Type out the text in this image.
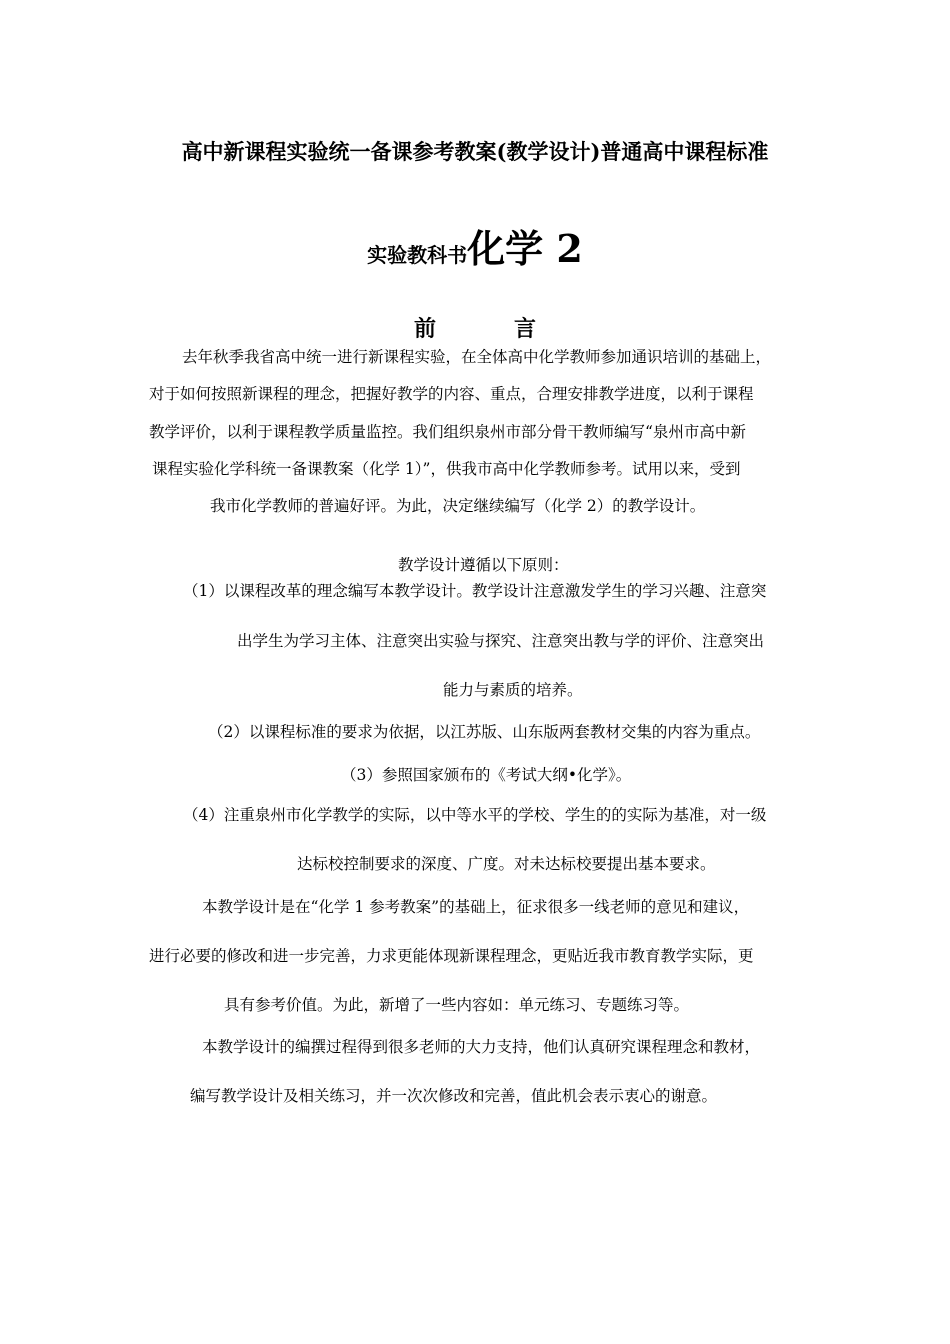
高中新课程实验统一备课参考教案(教学设计)普通高中课程标准
实验教科书化学 2
前　言
去年秋季我省高中统一进行新课程实验，在全体高中化学教师参加通识培训的基础上，
对于如何按照新课程的理念，把握好教学的内容、重点，合理安排教学进度，以利于课程
教学评价，以利于课程教学质量监控。我们组织泉州市部分骨干教师编写“泉州市高中新
课程实验化学科统一备课教案（化学 1）”，供我市高中化学教师参考。试用以来，受到
我市化学教师的普遍好评。为此，决定继续编写（化学 2）的教学设计。
教学设计遵循以下原则：
（1）以课程改革的理念编写本教学设计。教学设计注意激发学生的学习兴趣、注意突
出学生为学习主体、注意突出实验与探究、注意突出教与学的评价、注意突出
能力与素质的培养。
（2）以课程标准的要求为依据，以江苏版、山东版两套教材交集的内容为重点。
（3）参照国家颁布的《考试大纲•化学》。
（4）注重泉州市化学教学的实际，以中等水平的学校、学生的的实际为基准，对一级
达标校控制要求的深度、广度。对未达标校要提出基本要求。
本教学设计是在“化学 1 参考教案”的基础上，征求很多一线老师的意见和建议，
进行必要的修改和进一步完善，力求更能体现新课程理念，更贴近我市教育教学实际，更
具有参考价值。为此，新增了一些内容如：单元练习、专题练习等。
本教学设计的编撰过程得到很多老师的大力支持，他们认真研究课程理念和教材，
编写教学设计及相关练习，并一次次修改和完善，值此机会表示衷心的谢意。
